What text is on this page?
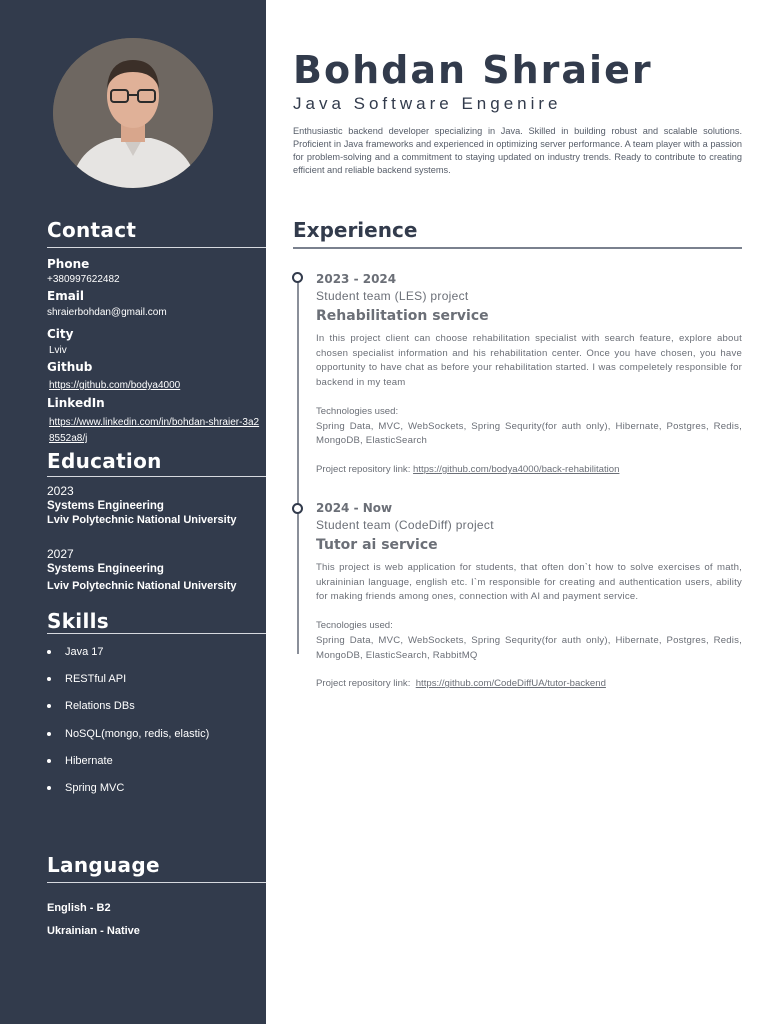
Contact
Phone
+380997622482
Email
shraierbohdan@gmail.com
City
Lviv
Github
https://github.com/bodya4000
LinkedIn
https://www.linkedin.com/in/bohdan-shraier-3a28552a8/j
Education
2023
Systems Engineering
Lviv Polytechnic National University
2027
Systems Engineering
Lviv Polytechnic National University
Skills
Java 17
RESTful API
Relations DBs
NoSQL(mongo, redis, elastic)
Hibernate
Spring MVC
Language
English - B2
Ukrainian - Native
Bohdan Shraier
Java Software Engenire
Enthusiastic backend developer specializing in Java. Skilled in building robust and scalable solutions. Proficient in Java frameworks and experienced in optimizing server performance. A team player with a passion for problem-solving and a commitment to staying updated on industry trends. Ready to contribute to creating efficient and reliable backend systems.
Experience
2023 - 2024
Student team (LES) project
Rehabilitation service
In this project client can choose rehabilitation specialist with search feature, explore about chosen specialist information and his rehabilitation center. Once you have chosen, you have opportunity to have chat as before your rehabilitation started. I was compeletely responsible for backend in my team
Technologies used:
Spring Data, MVC, WebSockets, Spring Sequrity(for auth only), Hibernate, Postgres, Redis, MongoDB, ElasticSearch
Project repository link: https://github.com/bodya4000/back-rehabilitation
2024 - Now
Student team (CodeDiff) project
Tutor ai service
This project is web application for students, that often don`t how to solve exercises of math, ukraininian language, english etc. I`m responsible for creating and authentication users, ability for making friends among ones, connection with AI and payment service.
Tecnologies used:
Spring Data, MVC, WebSockets, Spring Sequrity(for auth only), Hibernate, Postgres, Redis, MongoDB, ElasticSearch, RabbitMQ
Project repository link:  https://github.com/CodeDiffUA/tutor-backend
